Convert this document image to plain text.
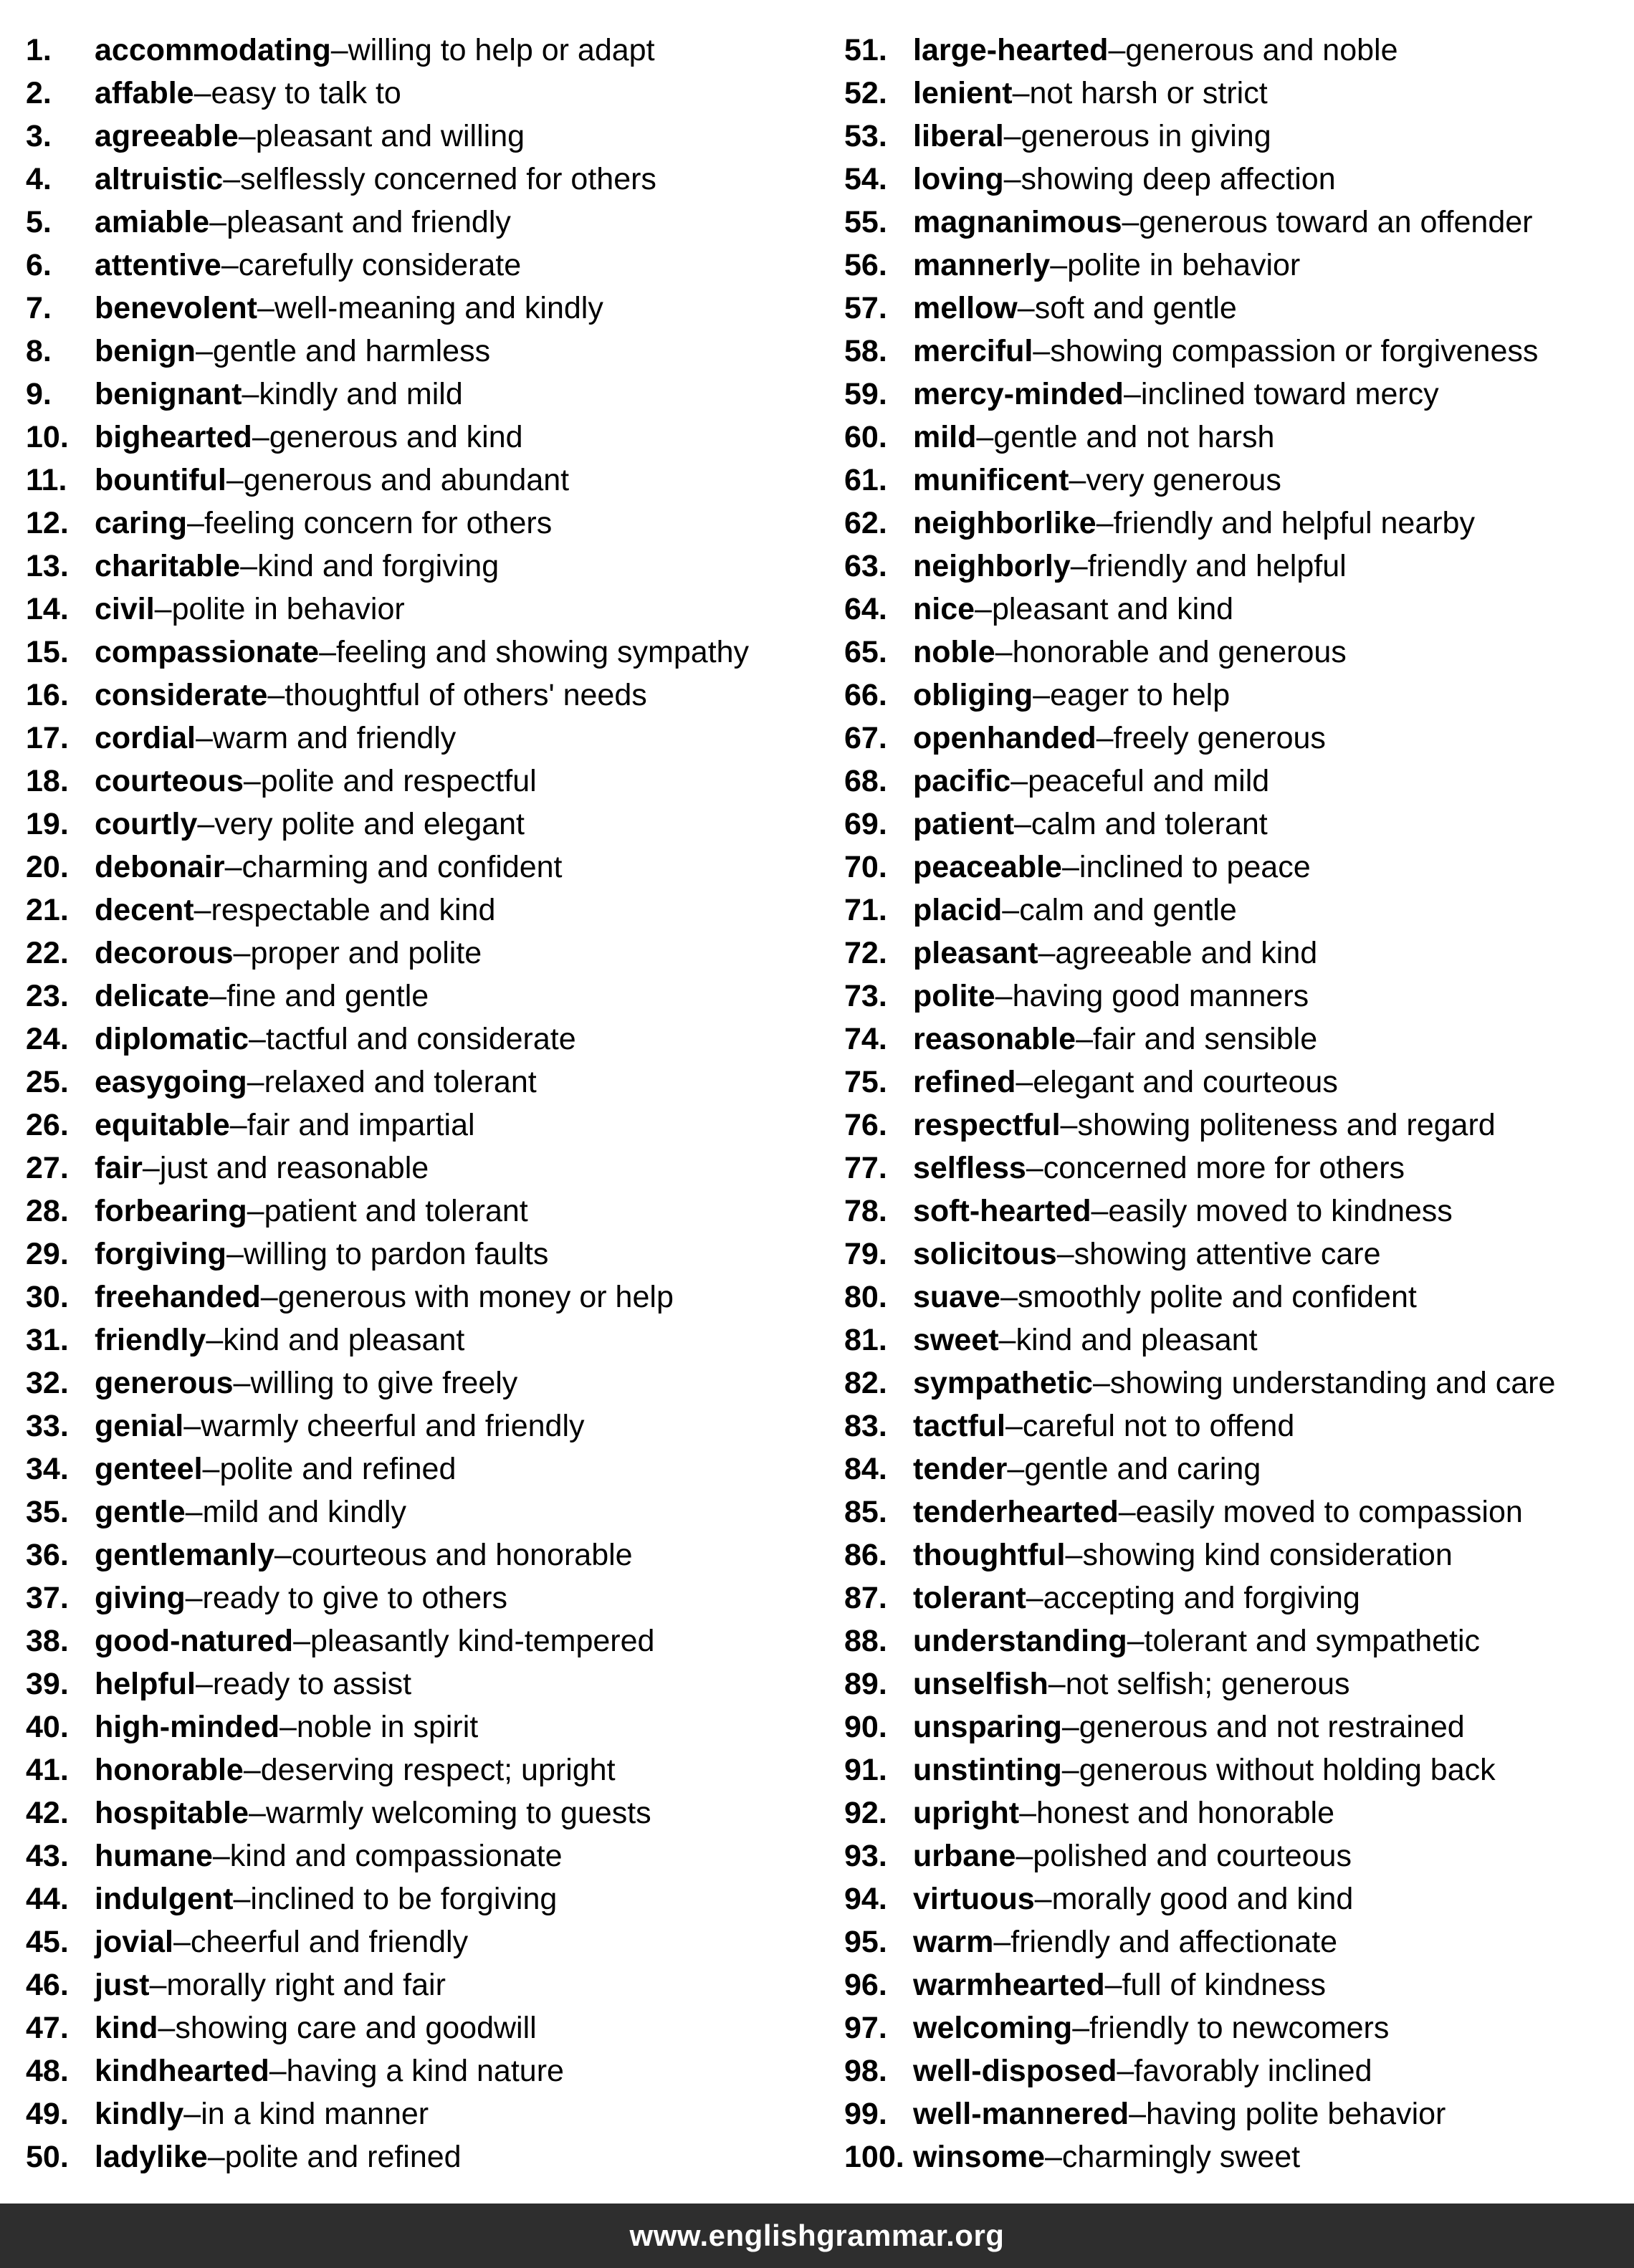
1.	accommodating – willing to help or adapt
2.	affable – easy to talk to
3.	agreeable – pleasant and willing
4.	altruistic – selflessly concerned for others
5.	amiable – pleasant and friendly
6.	attentive – carefully considerate
7.	benevolent – well-meaning and kindly
8.	benign – gentle and harmless
9.	benignant – kindly and mild
10. bighearted – generous and kind
11. bountiful – generous and abundant
12. caring – feeling concern for others
13. charitable – kind and forgiving
14. civil – polite in behavior
15. compassionate – feeling and showing sympathy
16. considerate – thoughtful of others' needs
17. cordial – warm and friendly
18. courteous – polite and respectful
19. courtly – very polite and elegant
20. debonair – charming and confident
21. decent – respectable and kind
22. decorous – proper and polite
23. delicate – fine and gentle
24. diplomatic – tactful and considerate
25. easygoing – relaxed and tolerant
26. equitable – fair and impartial
27. fair – just and reasonable
28. forbearing – patient and tolerant
29. forgiving – willing to pardon faults
30. freehanded – generous with money or help
31. friendly – kind and pleasant
32. generous – willing to give freely
33. genial – warmly cheerful and friendly
34. genteel – polite and refined
35. gentle – mild and kindly
36. gentlemanly – courteous and honorable
37. giving – ready to give to others
38. good-natured – pleasantly kind-tempered
39. helpful – ready to assist
40. high-minded – noble in spirit
41. honorable – deserving respect; upright
42. hospitable – warmly welcoming to guests
43. humane – kind and compassionate
44. indulgent – inclined to be forgiving
45. jovial – cheerful and friendly
46. just – morally right and fair
47. kind – showing care and goodwill
48. kindhearted – having a kind nature
49. kindly – in a kind manner
50. ladylike – polite and refined
51. large-hearted – generous and noble
52. lenient – not harsh or strict
53. liberal – generous in giving
54. loving – showing deep affection
55. magnanimous – generous toward an offender
56. mannerly – polite in behavior
57. mellow – soft and gentle
58. merciful – showing compassion or forgiveness
59. mercy-minded – inclined toward mercy
60. mild – gentle and not harsh
61. munificent – very generous
62. neighborlike – friendly and helpful nearby
63. neighborly – friendly and helpful
64. nice – pleasant and kind
65. noble – honorable and generous
66. obliging – eager to help
67. openhanded – freely generous
68. pacific – peaceful and mild
69. patient – calm and tolerant
70. peaceable – inclined to peace
71. placid – calm and gentle
72. pleasant – agreeable and kind
73. polite – having good manners
74. reasonable – fair and sensible
75. refined – elegant and courteous
76. respectful – showing politeness and regard
77. selfless – concerned more for others
78. soft-hearted – easily moved to kindness
79. solicitous – showing attentive care
80. suave – smoothly polite and confident
81. sweet – kind and pleasant
82. sympathetic – showing understanding and care
83. tactful – careful not to offend
84. tender – gentle and caring
85. tenderhearted – easily moved to compassion
86. thoughtful – showing kind consideration
87. tolerant – accepting and forgiving
88. understanding – tolerant and sympathetic
89. unselfish – not selfish; generous
90. unsparing – generous and not restrained
91. unstinting – generous without holding back
92. upright – honest and honorable
93. urbane – polished and courteous
94. virtuous – morally good and kind
95. warm – friendly and affectionate
96. warmhearted – full of kindness
97. welcoming – friendly to newcomers
98. well-disposed – favorably inclined
99. well-mannered – having polite behavior
100. winsome – charmingly sweet
www.englishgrammar.org
